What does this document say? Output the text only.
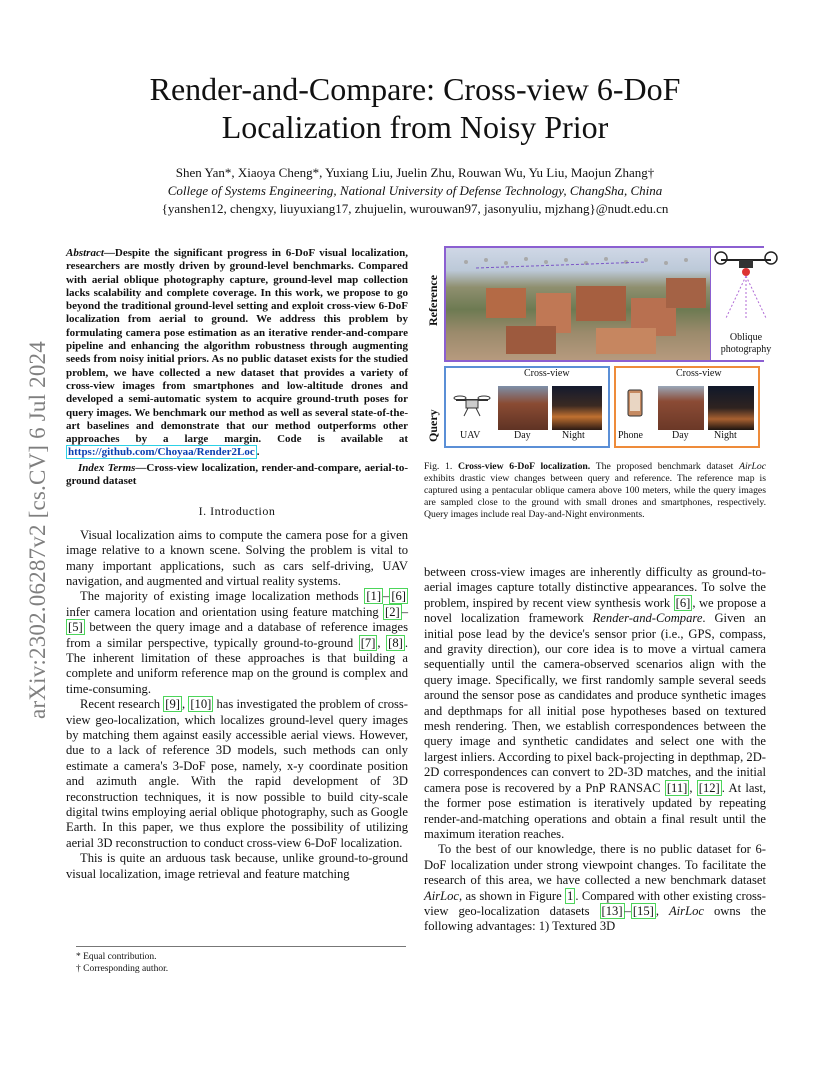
arXiv:2302.06287v2 [cs.CV] 6 Jul 2024
Render-and-Compare: Cross-view 6-DoF
Localization from Noisy Prior
Shen Yan*, Xiaoya Cheng*, Yuxiang Liu, Juelin Zhu, Rouwan Wu, Yu Liu, Maojun Zhang†
College of Systems Engineering, National University of Defense Technology, ChangSha, China
{yanshen12, chengxy, liuyuxiang17, zhujuelin, wurouwan97, jasonyuliu, mjzhang}@nudt.edu.cn

Abstract—Despite the significant progress in 6-DoF visual localization, researchers are mostly driven by ground-level benchmarks. Compared with aerial oblique photography capture, ground-level map collection lacks scalability and complete coverage. In this work, we propose to go beyond the traditional ground-level setting and exploit cross-view 6-DoF localization from aerial to ground. We address this problem by formulating camera pose estimation as an iterative render-and-compare pipeline and enhancing the algorithm robustness through augmenting seeds from noisy initial priors. As no public dataset exists for the studied problem, we have collected a new dataset that provides a variety of cross-view images from smartphones and low-altitude drones and developed a semi-automatic system to acquire ground-truth poses for query images. We benchmark our method as well as several state-of-the-art baselines and demonstrate that our method outperforms other approaches by a large margin. Code is available at https://github.com/Choyaa/Render2Loc .

Index Terms—Cross-view localization, render-and-compare, aerial-to-ground dataset

I. Introduction

Visual localization aims to compute the camera pose for a given image relative to a known scene. Solving the problem is vital to many important applications, such as cars self-driving, UAV navigation, and augmented and virtual reality systems.

The majority of existing image localization methods [1] – [6] infer camera location and orientation using feature matching [2] –[5] between the query image and a database of reference images from a similar perspective, typically ground-to-ground [7] , [8] . The inherent limitation of these approaches is that building a complete and uniform reference map on the ground is complex and time-consuming.

Recent research [9] , [10] has investigated the problem of cross-view geo-localization, which localizes ground-level query images by matching them against easily accessible aerial views. However, due to a lack of reference 3D models, such methods can only estimate a camera's 3-DoF pose, namely, x-y coordinate position and azimuth angle. With the rapid development of 3D reconstruction techniques, it is now possible to build city-scale digital twins employing aerial oblique photography, such as Google Earth. In this paper, we thus explore the possibility of utilizing aerial 3D reconstruction to conduct cross-view 6-DoF localization.

This is quite an arduous task because, unlike ground-to-ground visual localization, image retrieval and feature matching

* Equal contribution.
† Corresponding author.
Reference
Oblique photography
Query
Cross-view
UAV	Day	Night
Cross-view
Phone	Day	Night
Fig. 1. Cross-view 6-DoF localization. The proposed benchmark dataset AirLoc exhibits drastic view changes between query and reference. The reference map is captured using a pentacular oblique camera above 100 meters, while the query images are sampled close to the ground with small drones and smartphones, respectively. Query images include real Day-and-Night environments.

between cross-view images are inherently difficulty as ground-to-aerial images capture totally distinctive appearances. To solve the problem, inspired by recent view synthesis work [6] , we propose a novel localization framework Render-and-Compare. Given an initial pose lead by the device's sensor prior (i.e., GPS, compass, and gravity direction), our core idea is to move a virtual camera sequentially until the camera-observed scenarios align with the query image. Specifically, we first randomly sample several seeds around the sensor pose as candidates and produce synthetic images and depthmaps for all initial pose hypotheses based on textured mesh rendering. Then, we establish correspondences between the query image and synthetic candidates and select one with the largest inliers. According to pixel back-projecting in depthmap, 2D-2D correspondences can convert to 2D-3D matches, and the initial camera pose is recovered by a PnP RANSAC [11] , [12] . At last, the former pose estimation is iteratively updated by repeating render-and-matching operations and obtain a final result until the maximum iteration reaches.

To the best of our knowledge, there is no public dataset for 6-DoF localization under strong viewpoint changes. To facilitate the research of this area, we have collected a new benchmark dataset AirLoc, as shown in Figure 1 . Compared with other existing cross-view geo-localization datasets [13] – [15] , AirLoc owns the following advantages: 1) Textured 3D
